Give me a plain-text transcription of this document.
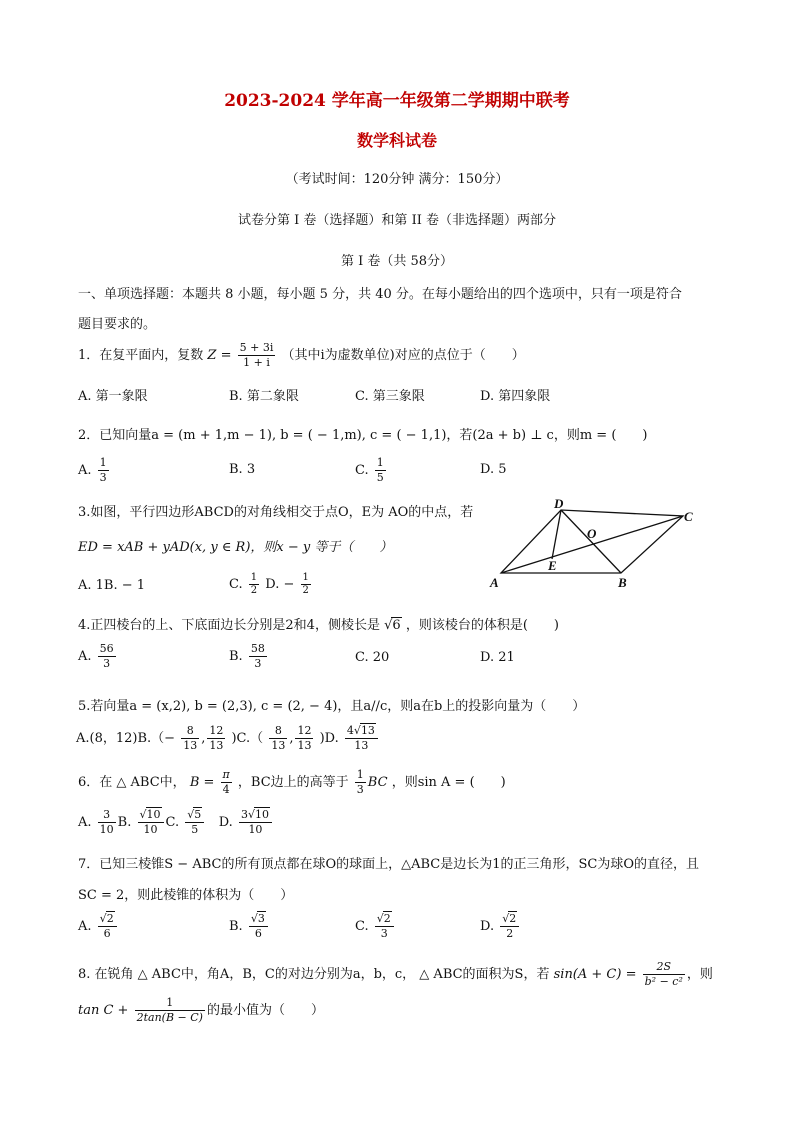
2023-2024 学年高一年级第二学期期中联考
数学科试卷
（考试时间：120分钟 满分：150分）
试卷分第 I 卷（选择题）和第 II 卷（非选择题）两部分
第 I 卷（共 58分）
一、单项选择题：本题共 8 小题，每小题 5 分，共 40 分。在每小题给出的四个选项中，只有一项是符合
题目要求的。
1．在复平面内，复数 $Z = \frac{5 + 3i}{1 + i}$ （其中i为虚数单位)对应的点位于（　　）
A. 第一象限	B. 第二象限	C. 第三象限	D. 第四象限
2．已知向量a = (m + 1,m − 1), b = ( − 1,m), c = ( − 1,1)，若(2a + b) ⊥ c，则m = (　　)
A. $\frac{1}{3}$	B. 3	C. $\frac{1}{5}$	D. 5
3.如图，平行四边形ABCD的对角线相交于点O，E为 AO的中点，若
ED = xAB + yAD(x, y ∈ R)，则x − y 等于（　　）
A. 1B. − 1	C. $\frac{1}{2} D$. − $\frac{1}{2}$	A	B
C
D
O
E
4.正四棱台的上、下底面边长分别是2和4，侧棱长是 √6 ，则该棱台的体积是(　　)
A. $\frac{56}{3}$	B. $\frac{58}{3}$	C. 20	D. 21
5.若向量a = (x,2), b = (2,3), c = (2, − 4)，且a//c，则a在b上的投影向量为（　　）
A.(8，$12)B.(- \frac{8}{13}$ , $\frac{12}{13} )C.( \frac{8}{13}$ , $\frac{12}{13} )D$. $\frac{4√13}{13}$
6．在 △ ABC中， $B = \frac{\pi}{4}$ ，BC边上的高等于 $\frac{1}{3}$ BC ，则sin A = (　　)
A. $\frac{3}{10} B$. $\frac{√10}{10} C$. $\frac{√5}{5} D$. $\frac{3√10}{10}$
7．已知三棱锥S − ABC的所有顶点都在球O的球面上，△ABC是边长为1的正三角形，SC为球O的直径，且
SC = 2，则此棱锥的体积为（　　）
A. $\frac{√2}{6}$	B. $\frac{√3}{6}$	C. $\frac{√2}{3}$	D. $\frac{√2}{2}$
8. 在锐角 △ ABC中，角A，B，C的对边分别为a，b，c， △ ABC的面积为S，若 $\sin(A + C) = \frac{2S}{\text{b² − c²}}$ ，则
$\tan C + \frac{1}{2\tan(B - C)}$ 的最小值为（　　）
